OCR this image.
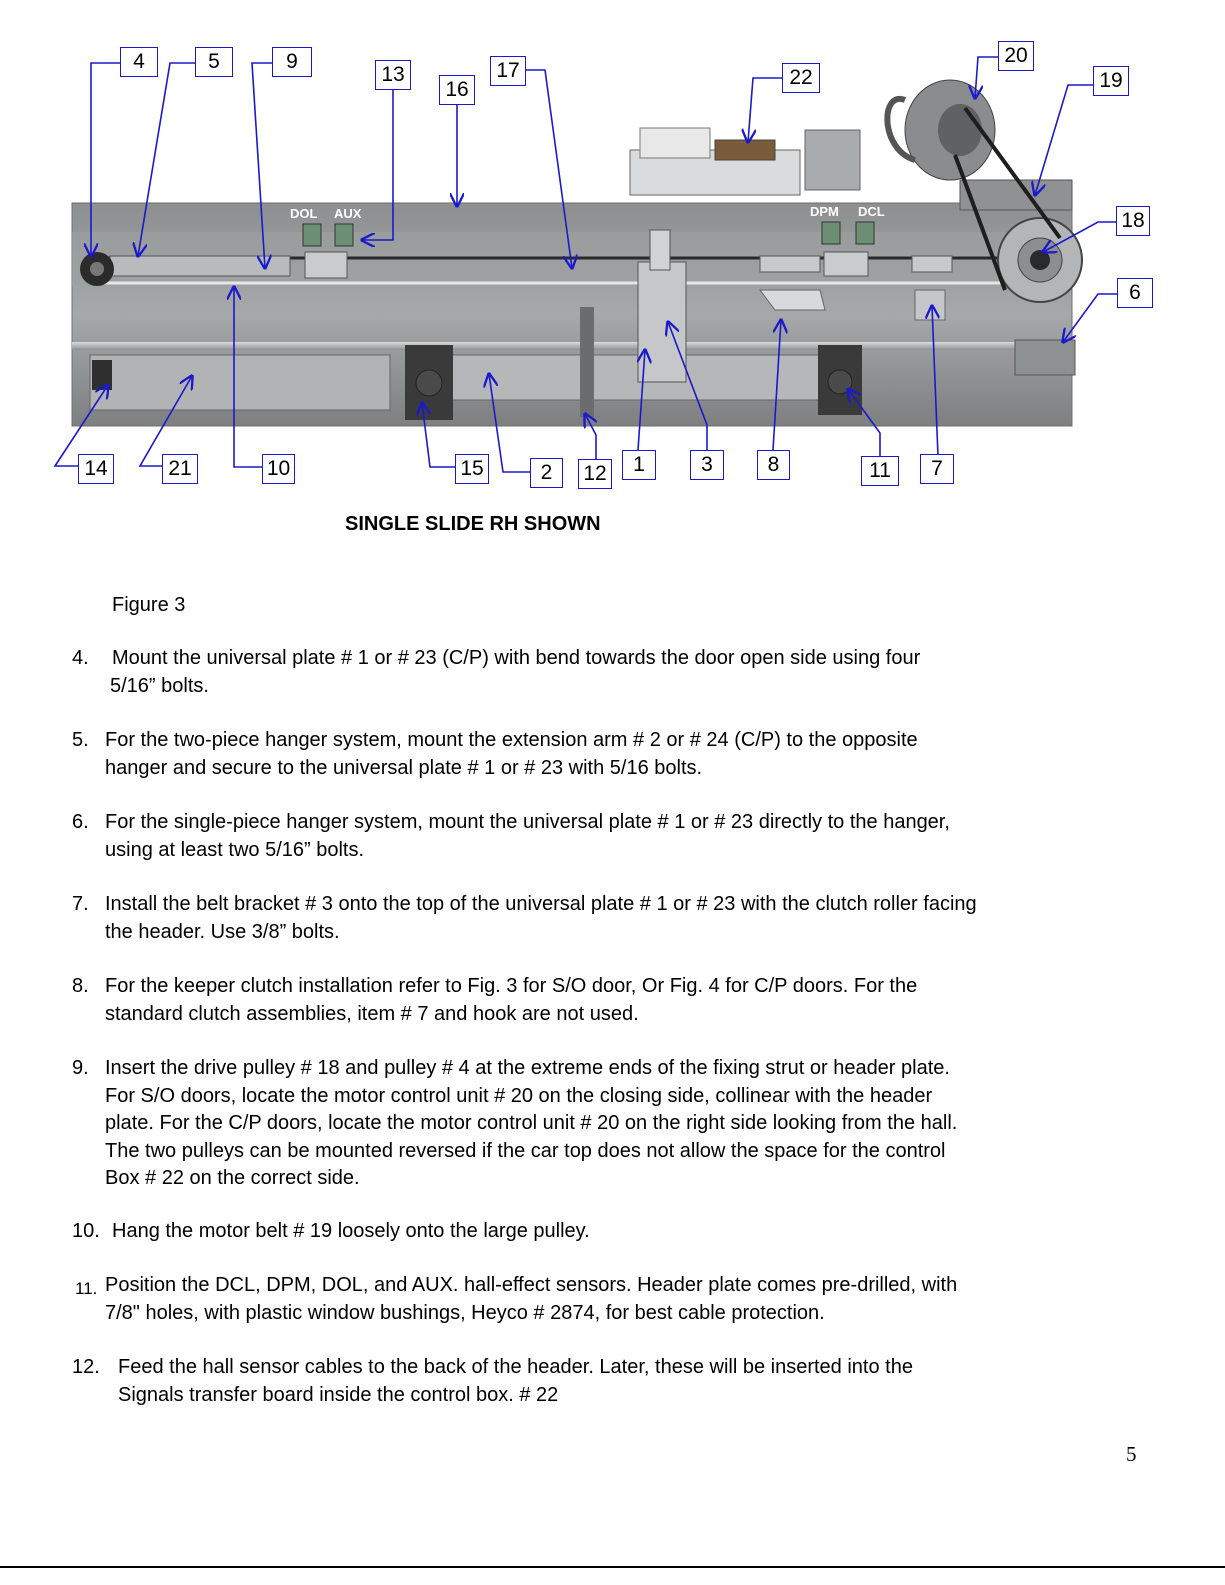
DOL AUX	DPM DCL
4	5	9
13
16
17	22
20
19
18
6
14	21	10	15	2	12	1	3	8	11	7
SINGLE SLIDE RH SHOWN
Figure 3
4. Mount the universal plate # 1 or # 23 (C/P) with bend towards the door open side using four
5/16” bolts.
5. For the two-piece hanger system, mount the extension arm # 2 or # 24 (C/P) to the opposite
hanger and secure to the universal plate # 1 or # 23 with 5/16 bolts.
6. For the single-piece hanger system, mount the universal plate # 1 or # 23 directly to the hanger,
using at least two 5/16” bolts.
7. Install the belt bracket # 3 onto the top of the universal plate # 1 or # 23 with the clutch roller facing
the header. Use 3/8” bolts.
8. For the keeper clutch installation refer to Fig. 3 for S/O door, Or Fig. 4 for C/P doors. For the
standard clutch assemblies, item # 7 and hook are not used.
9. Insert the drive pulley # 18 and pulley # 4 at the extreme ends of the fixing strut or header plate.
For S/O doors, locate the motor control unit # 20 on the closing side, collinear with the header
plate. For the C/P doors, locate the motor control unit # 20 on the right side looking from the hall.
The two pulleys can be mounted reversed if the car top does not allow the space for the control
Box # 22 on the correct side.
10. Hang the motor belt # 19 loosely onto the large pulley.
11. Position the DCL, DPM, DOL, and AUX. hall-effect sensors. Header plate comes pre-drilled, with
7/8" holes, with plastic window bushings, Heyco # 2874, for best cable protection.
12. Feed the hall sensor cables to the back of the header. Later, these will be inserted into the
Signals transfer board inside the control box. # 22
5
